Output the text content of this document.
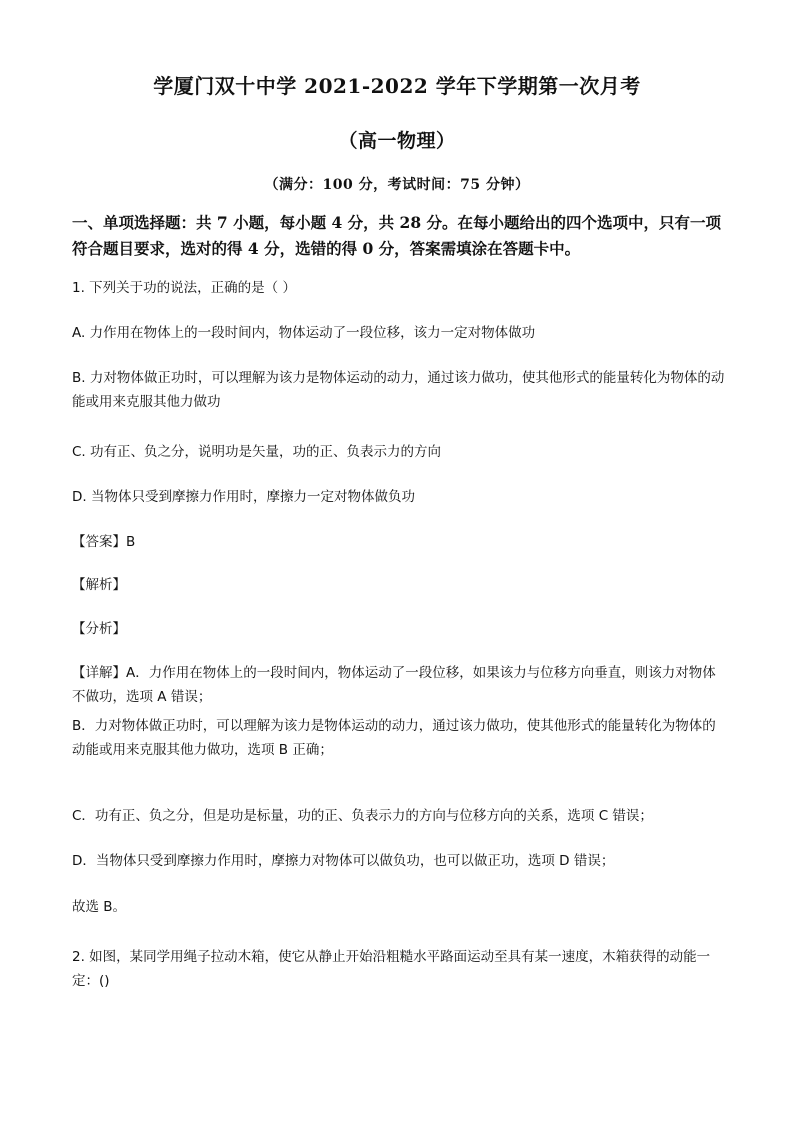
学厦门双十中学 2021-2022 学年下学期第一次月考
（高一物理）
（满分：100 分，考试时间：75 分钟）
一、单项选择题：共 7 小题，每小题 4 分，共 28 分。在每小题给出的四个选项中，只有一项符合题目要求，选对的得 4 分，选错的得 0 分，答案需填涂在答题卡中。
1. 下列关于功的说法，正确的是（ ）
A. 力作用在物体上的一段时间内，物体运动了一段位移，该力一定对物体做功
B. 力对物体做正功时，可以理解为该力是物体运动的动力，通过该力做功，使其他形式的能量转化为物体的动能或用来克服其他力做功
C. 功有正、负之分，说明功是矢量，功的正、负表示力的方向
D. 当物体只受到摩擦力作用时，摩擦力一定对物体做负功
【答案】B
【解析】
【分析】
【详解】A．力作用在物体上的一段时间内，物体运动了一段位移，如果该力与位移方向垂直，则该力对物体不做功，选项 A 错误；
B．力对物体做正功时，可以理解为该力是物体运动的动力，通过该力做功，使其他形式的能量转化为物体的动能或用来克服其他力做功，选项 B 正确；
C．功有正、负之分，但是功是标量，功的正、负表示力的方向与位移方向的关系，选项 C 错误；
D．当物体只受到摩擦力作用时，摩擦力对物体可以做负功，也可以做正功，选项 D 错误；
故选 B。
2. 如图，某同学用绳子拉动木箱，使它从静止开始沿粗糙水平路面运动至具有某一速度，木箱获得的动能一定：()
